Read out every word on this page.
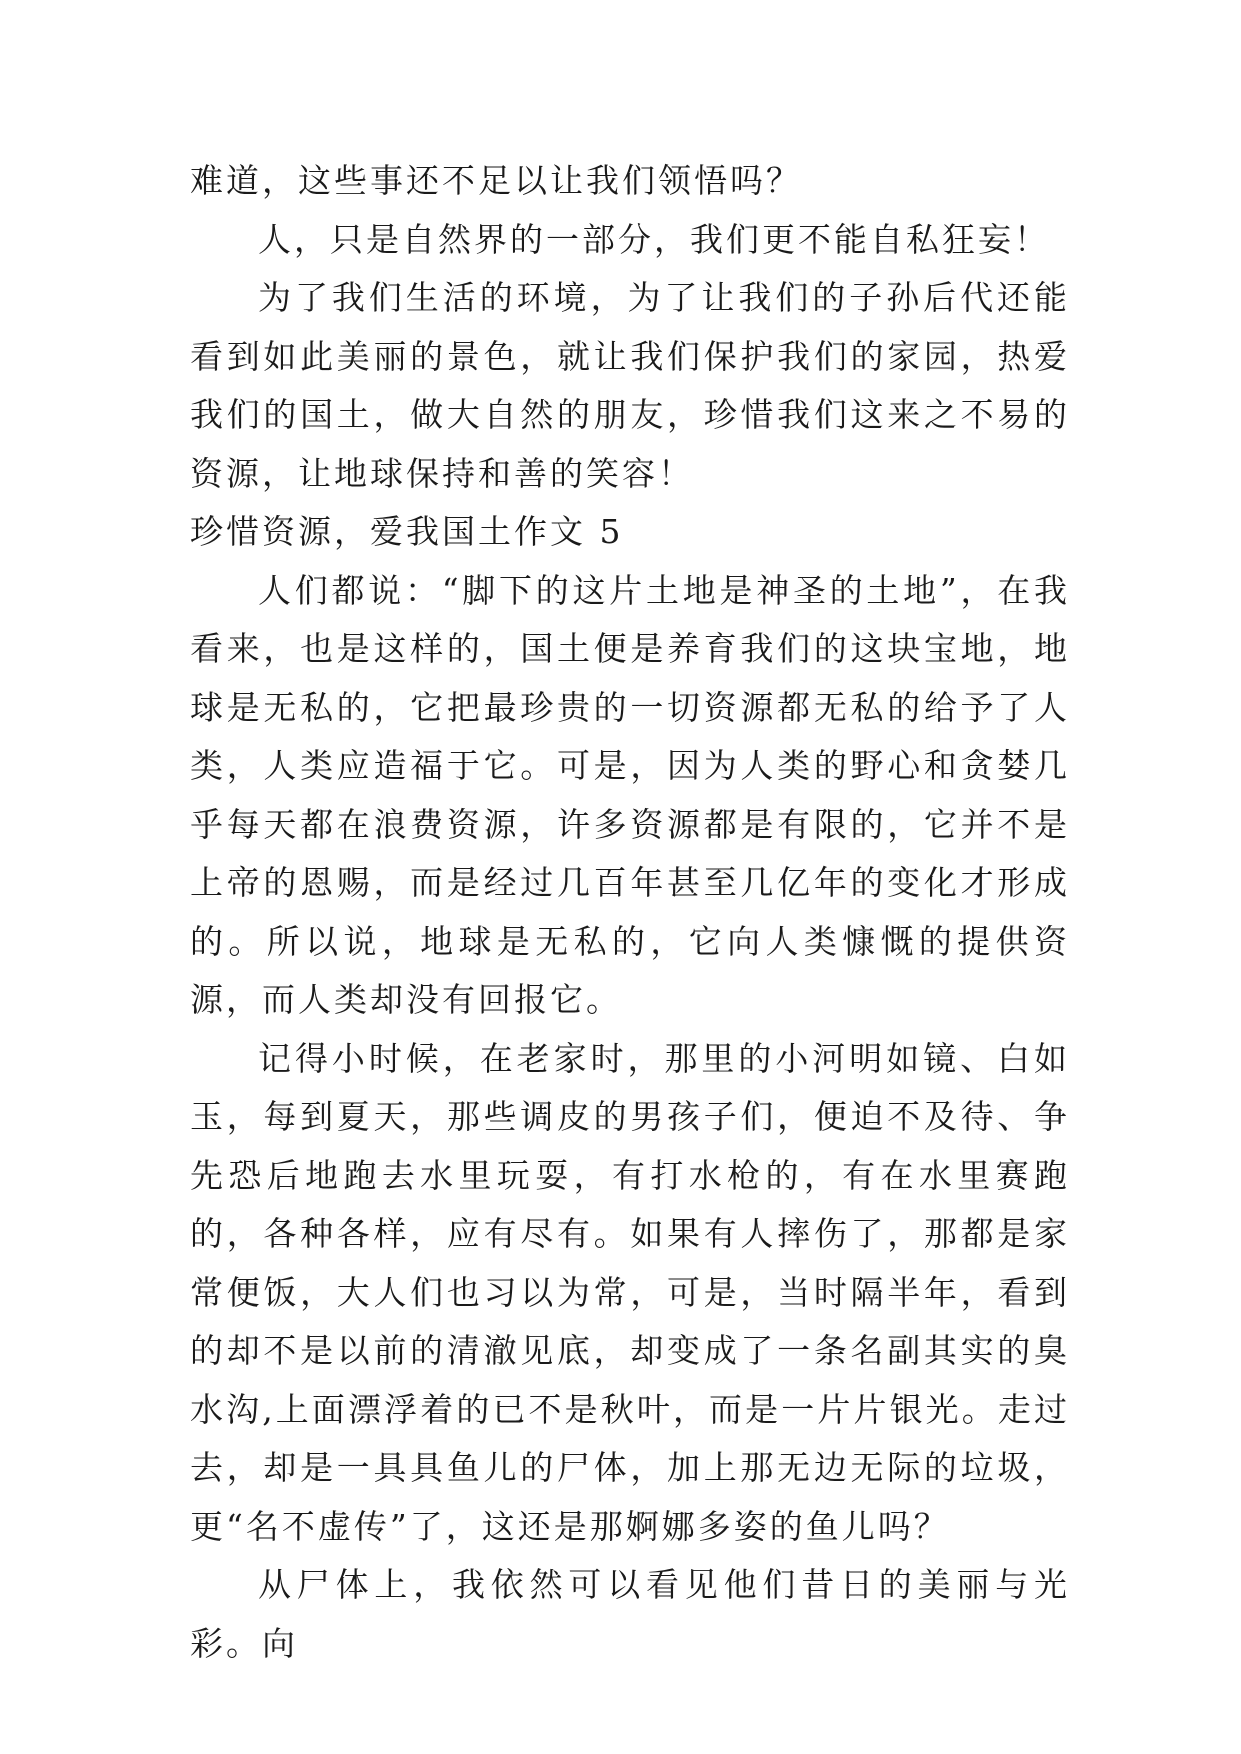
难道，这些事还不足以让我们领悟吗？

人，只是自然界的一部分，我们更不能自私狂妄！

为了我们生活的环境，为了让我们的子孙后代还能看到如此美丽的景色，就让我们保护我们的家园，热爱我们的国土，做大自然的朋友，珍惜我们这来之不易的资源，让地球保持和善的笑容！

珍惜资源，爱我国土作文 5

人们都说：“脚下的这片土地是神圣的土地”，在我看来，也是这样的，国土便是养育我们的这块宝地，地球是无私的，它把最珍贵的一切资源都无私的给予了人类，人类应造福于它。可是，因为人类的野心和贪婪几乎每天都在浪费资源，许多资源都是有限的，它并不是上帝的恩赐，而是经过几百年甚至几亿年的变化才形成的。所以说，地球是无私的，它向人类慷慨的提供资源，而人类却没有回报它。

记得小时候，在老家时，那里的小河明如镜、白如玉，每到夏天，那些调皮的男孩子们，便迫不及待、争先恐后地跑去水里玩耍，有打水枪的，有在水里赛跑的，各种各样，应有尽有。如果有人摔伤了，那都是家常便饭，大人们也习以为常，可是，当时隔半年，看到的却不是以前的清澈见底，却变成了一条名副其实的臭水沟,上面漂浮着的已不是秋叶，而是一片片银光。走过去，却是一具具鱼儿的尸体，加上那无边无际的垃圾，更“名不虚传”了，这还是那婀娜多姿的鱼儿吗？

从尸体上，我依然可以看见他们昔日的美丽与光彩。向
